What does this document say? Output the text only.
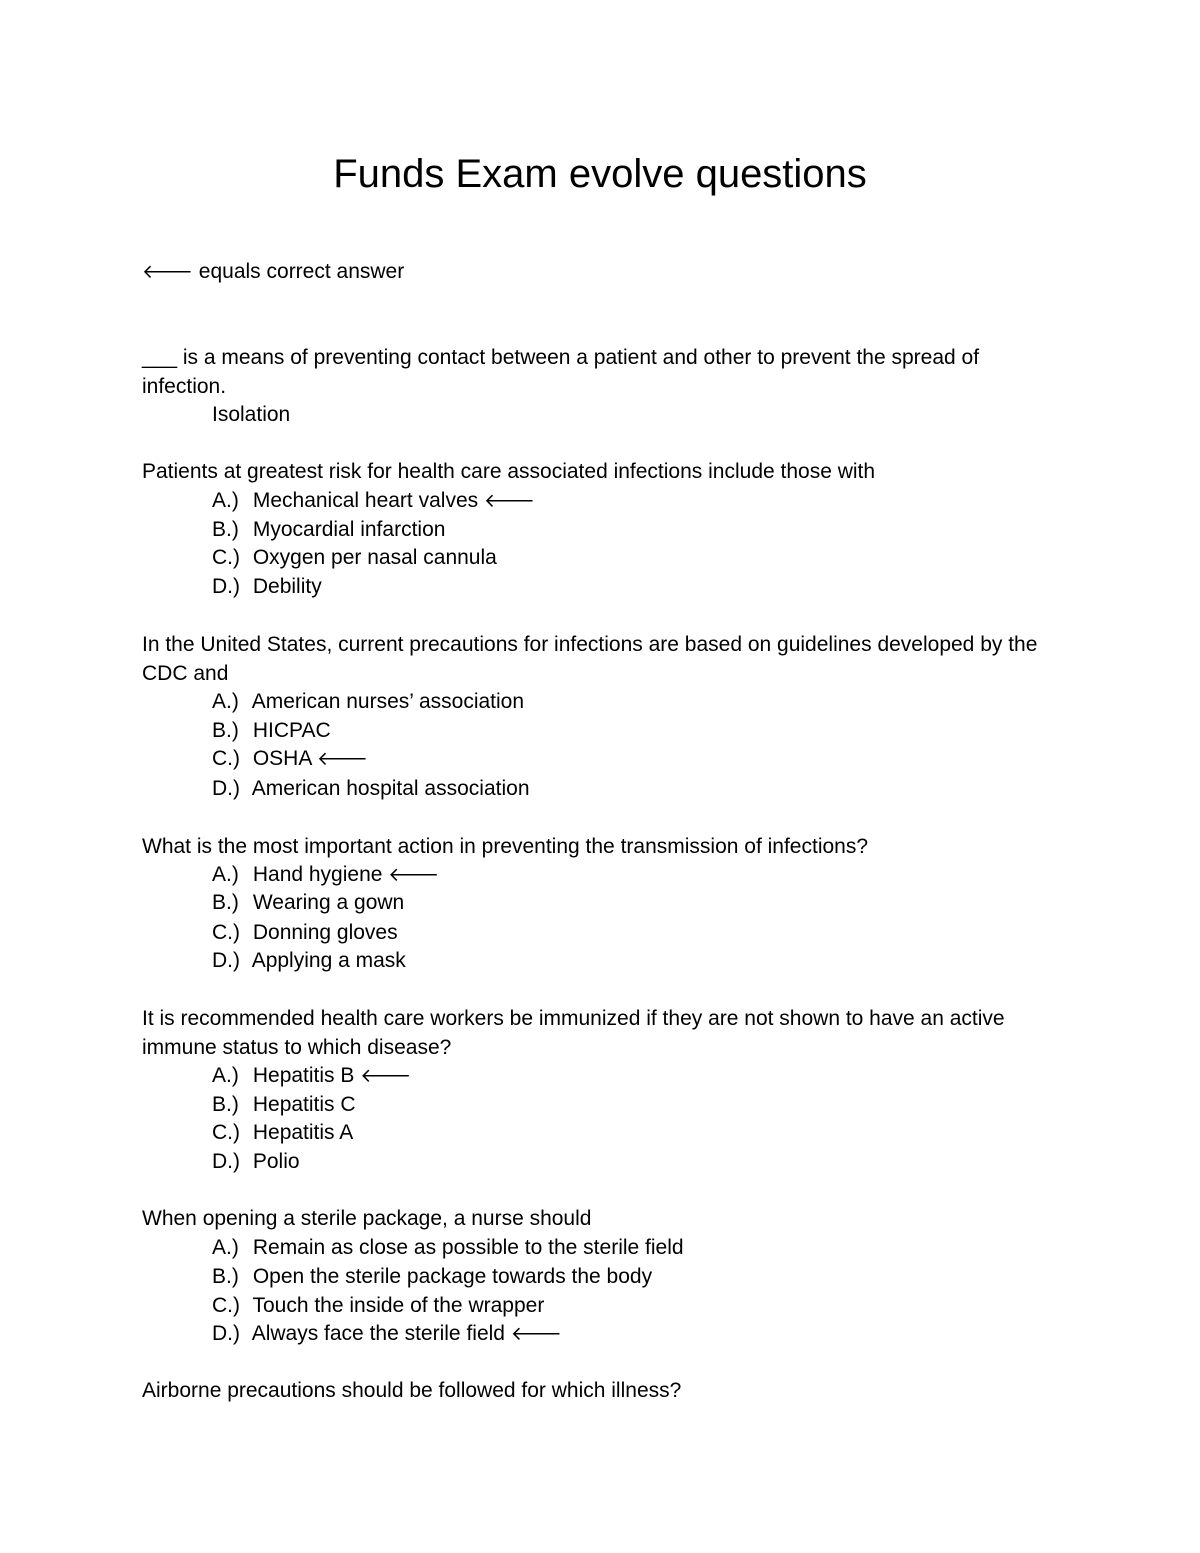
Funds Exam evolve questions
🡐 equals correct answer
___ is a means of preventing contact between a patient and other to prevent the spread of infection.
Isolation
Patients at greatest risk for health care associated infections include those with
A.) Mechanical heart valves 🡐
B.) Myocardial infarction
C.) Oxygen per nasal cannula
D.) Debility
In the United States, current precautions for infections are based on guidelines developed by the CDC and
A.) American nurses’ association
B.) HICPAC
C.) OSHA 🡐
D.) American hospital association
What is the most important action in preventing the transmission of infections?
A.) Hand hygiene 🡐
B.) Wearing a gown
C.) Donning gloves
D.) Applying a mask
It is recommended health care workers be immunized if they are not shown to have an active immune status to which disease?
A.) Hepatitis B 🡐
B.) Hepatitis C
C.) Hepatitis A
D.) Polio
When opening a sterile package, a nurse should
A.) Remain as close as possible to the sterile field
B.) Open the sterile package towards the body
C.) Touch the inside of the wrapper
D.) Always face the sterile field 🡐
Airborne precautions should be followed for which illness?
